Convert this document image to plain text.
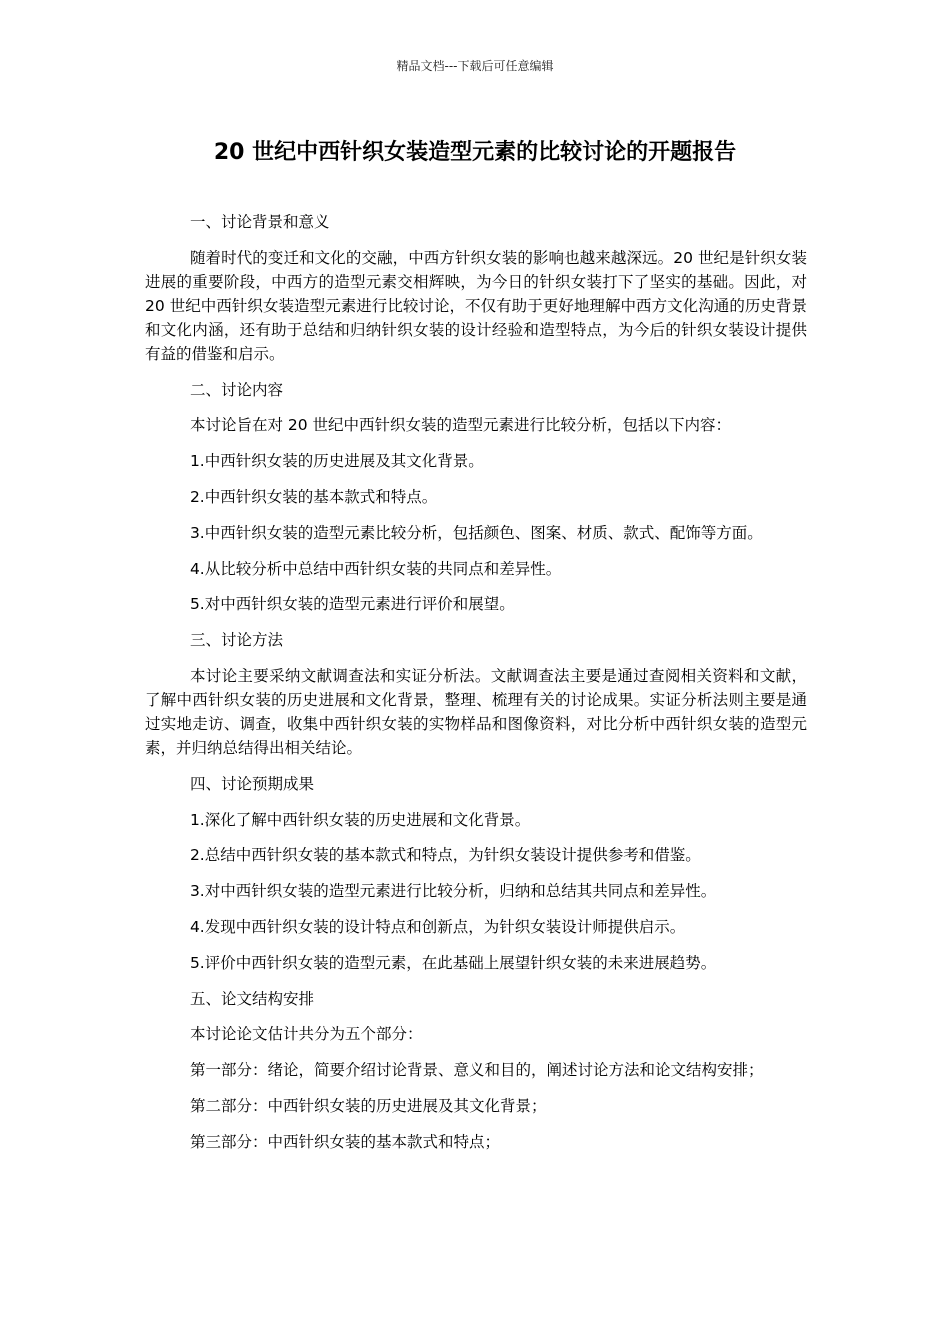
精品文档---下载后可任意编辑
20 世纪中西针织女装造型元素的比较讨论的开题报告

一、讨论背景和意义

随着时代的变迁和文化的交融，中西方针织女装的影响也越来越深远。20 世纪是针织女装进展的重要阶段，中西方的造型元素交相辉映，为今日的针织女装打下了坚实的基础。因此，对 20 世纪中西针织女装造型元素进行比较讨论，不仅有助于更好地理解中西方文化沟通的历史背景和文化内涵，还有助于总结和归纳针织女装的设计经验和造型特点，为今后的针织女装设计提供有益的借鉴和启示。

二、讨论内容

本讨论旨在对 20 世纪中西针织女装的造型元素进行比较分析，包括以下内容：

1.中西针织女装的历史进展及其文化背景。

2.中西针织女装的基本款式和特点。

3.中西针织女装的造型元素比较分析，包括颜色、图案、材质、款式、配饰等方面。

4.从比较分析中总结中西针织女装的共同点和差异性。

5.对中西针织女装的造型元素进行评价和展望。

三、讨论方法

本讨论主要采纳文献调查法和实证分析法。文献调查法主要是通过查阅相关资料和文献，了解中西针织女装的历史进展和文化背景，整理、梳理有关的讨论成果。实证分析法则主要是通过实地走访、调查，收集中西针织女装的实物样品和图像资料，对比分析中西针织女装的造型元素，并归纳总结得出相关结论。

四、讨论预期成果

1.深化了解中西针织女装的历史进展和文化背景。

2.总结中西针织女装的基本款式和特点，为针织女装设计提供参考和借鉴。

3.对中西针织女装的造型元素进行比较分析，归纳和总结其共同点和差异性。

4.发现中西针织女装的设计特点和创新点，为针织女装设计师提供启示。

5.评价中西针织女装的造型元素，在此基础上展望针织女装的未来进展趋势。

五、论文结构安排

本讨论论文估计共分为五个部分：

第一部分：绪论，简要介绍讨论背景、意义和目的，阐述讨论方法和论文结构安排；

第二部分：中西针织女装的历史进展及其文化背景；

第三部分：中西针织女装的基本款式和特点；
